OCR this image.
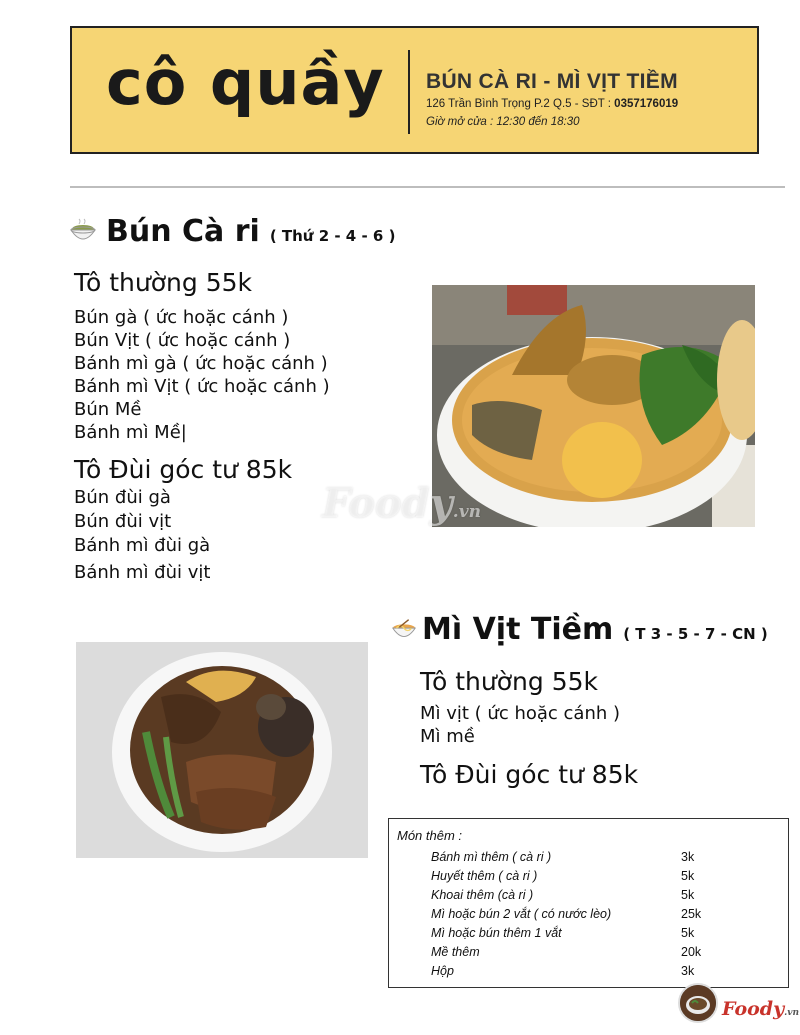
cô quầy BÚN CÀ RI - MÌ VỊT TIỀM
126 Trần Bình Trọng P.2 Q.5 - SĐT : 0357176019
Giờ mở cửa : 12:30 đến 18:30
Bún Cà ri ( Thứ 2 - 4 - 6 )
Tô thường 55k
Bún gà ( ức hoặc cánh )
Bún Vịt ( ức hoặc cánh )
Bánh mì gà ( ức hoặc cánh )
Bánh mì Vịt ( ức hoặc cánh )
Bún Mề
Bánh mì Mề|
Tô Đùi góc tư 85k
Bún đùi gà
Bún đùi vịt
Bánh mì đùi gà
Bánh mì đùi vịt
Foody.vn
Mì Vịt Tiềm ( T 3 - 5 - 7 - CN )
Tô thường 55k
Mì vịt ( ức hoặc cánh )
Mì mề
Tô Đùi góc tư 85k
Món thêm :
Bánh mì thêm ( cà ri )	3k
Huyết thêm ( cà ri )	5k
Khoai thêm (cà ri )	5k
Mì hoặc bún 2 vắt ( có nước lèo)	25k
Mì hoặc bún thêm 1 vắt	5k
Mề thêm	20k
Hộp	3k
Foody.vn
